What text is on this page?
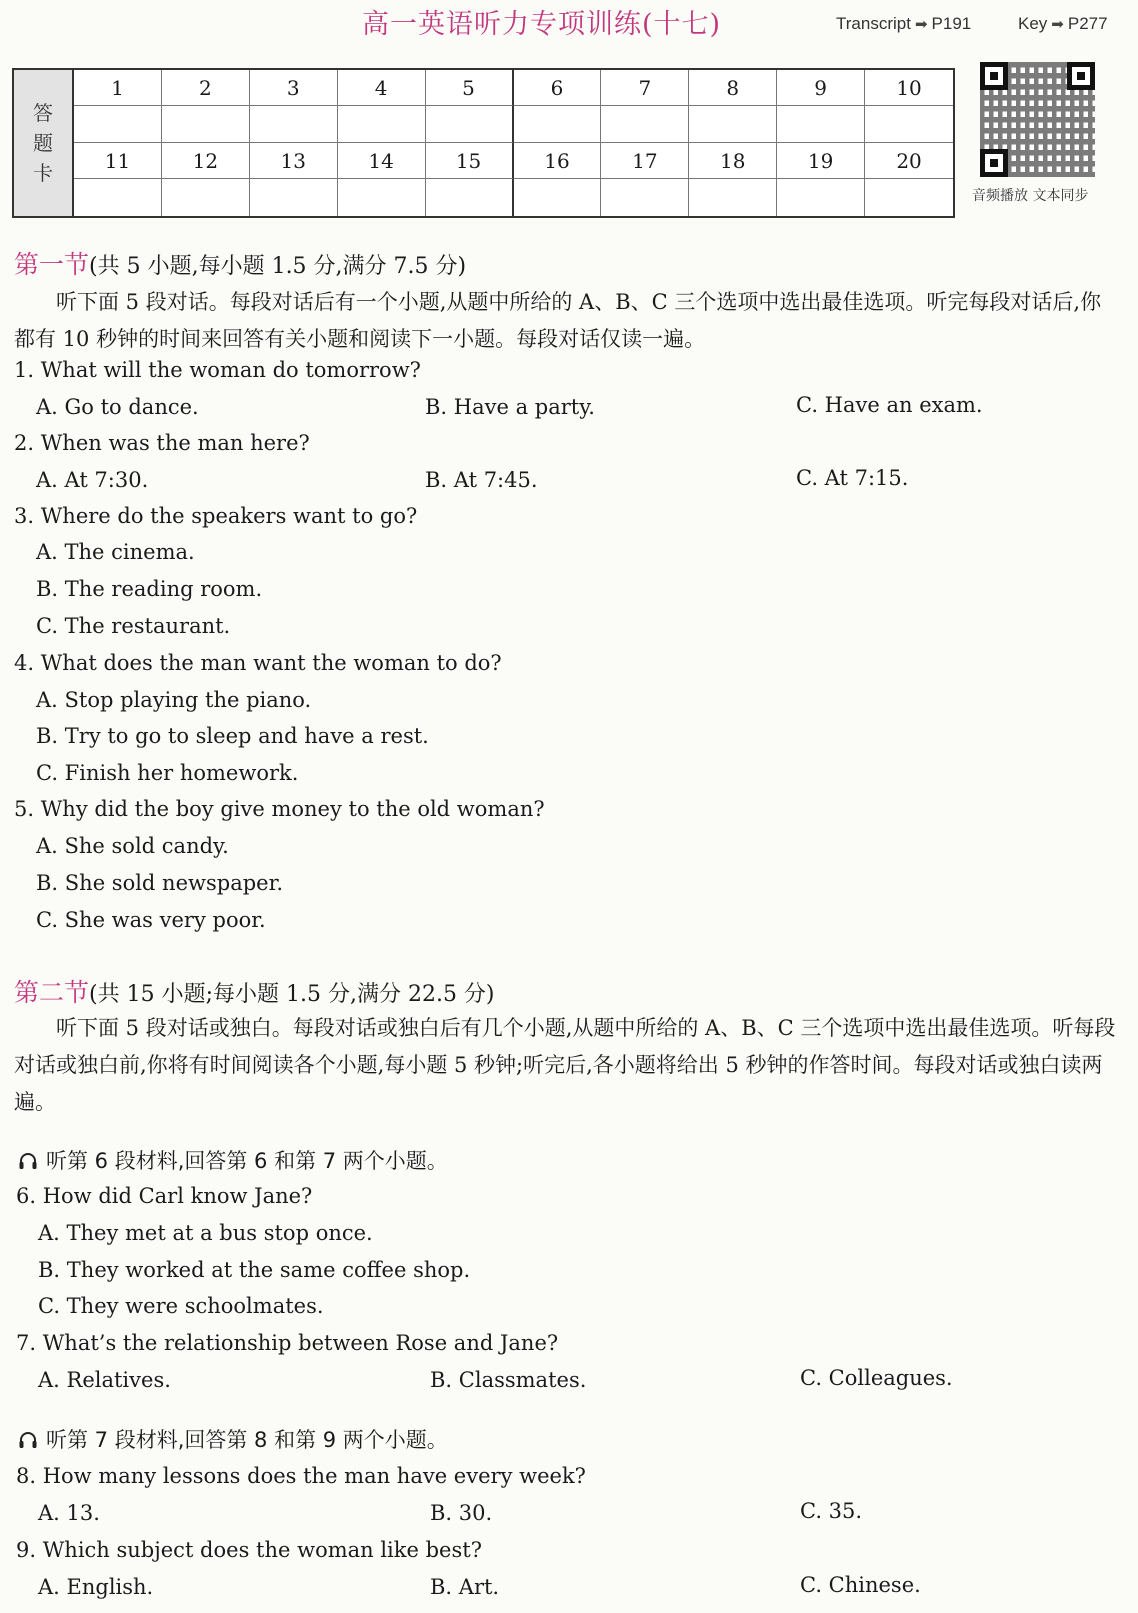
高一英语听力专项训练(十七)	Transcript ➡ P191	Key ➡ P277
答
题
卡
1	2	3	4	5	6	7	8	9	10
11	12	13	14	15	16	17	18	19	20
音频播放 文本同步
第一节(共 5 小题,每小题 1.5 分,满分 7.5 分)
听下面 5 段对话。每段对话后有一个小题,从题中所给的 A、B、C 三个选项中选出最佳选项。听完每段对话后,你都有 10 秒钟的时间来回答有关小题和阅读下一小题。每段对话仅读一遍。
1. What will the woman do tomorrow?
A. Go to dance.	B. Have a party.	C. Have an exam.
2. When was the man here?
A. At 7:30.	B. At 7:45.	C. At 7:15.
3. Where do the speakers want to go?
A. The cinema.
B. The reading room.
C. The restaurant.
4. What does the man want the woman to do?
A. Stop playing the piano.
B. Try to go to sleep and have a rest.
C. Finish her homework.
5. Why did the boy give money to the old woman?
A. She sold candy.
B. She sold newspaper.
C. She was very poor.
第二节(共 15 小题;每小题 1.5 分,满分 22.5 分)
听下面 5 段对话或独白。每段对话或独白后有几个小题,从题中所给的 A、B、C 三个选项中选出最佳选项。听每段对话或独白前,你将有时间阅读各个小题,每小题 5 秒钟;听完后,各小题将给出 5 秒钟的作答时间。每段对话或独白读两遍。
听第 6 段材料,回答第 6 和第 7 两个小题。
6. How did Carl know Jane?
A. They met at a bus stop once.
B. They worked at the same coffee shop.
C. They were schoolmates.
7. What’s the relationship between Rose and Jane?
A. Relatives.	B. Classmates.	C. Colleagues.
听第 7 段材料,回答第 8 和第 9 两个小题。
8. How many lessons does the man have every week?
A. 13.	B. 30.	C. 35.
9. Which subject does the woman like best?
A. English.	B. Art.	C. Chinese.
